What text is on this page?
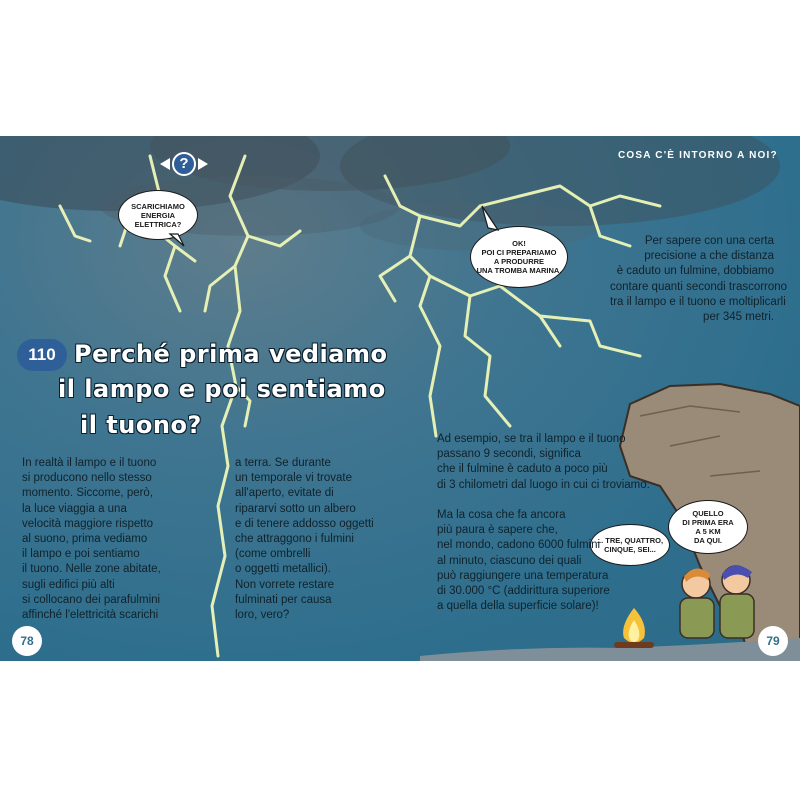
?	COSA C'È INTORNO A NOI?
SCARICHIAMO
ENERGIA
ELETTRICA?
OK!
POI CI PREPARIAMO
A PRODURRE
UNA TROMBA MARINA.
Per sapere con una certa
precisione a che distanza
è caduto un fulmine, dobbiamo
contare quanti secondi trascorrono
tra il lampo e il tuono e moltiplicarli
per 345 metri.
... TRE, QUATTRO,
CINQUE, SEI...
QUELLO
DI PRIMA ERA
A 5 KM
DA QUI.
110 Perché prima vediamo
il lampo e poi sentiamo
il tuono?
In realtà il lampo e il tuono
si producono nello stesso
momento. Siccome, però,
la luce viaggia a una
velocità maggiore rispetto
al suono, prima vediamo
il lampo e poi sentiamo
il tuono. Nelle zone abitate,
sugli edifici più alti
si collocano dei parafulmini
affinché l'elettricità scarichi
a terra. Se durante
un temporale vi trovate
all'aperto, evitate di
ripararvi sotto un albero
e di tenere addosso oggetti
che attraggono i fulmini
(come ombrelli
o oggetti metallici).
Non vorrete restare
fulminati per causa
loro, vero?
Ad esempio, se tra il lampo e il tuono
passano 9 secondi, significa
che il fulmine è caduto a poco più
di 3 chilometri dal luogo in cui ci troviamo.
Ma la cosa che fa ancora
più paura è sapere che,
nel mondo, cadono 6000 fulmini
al minuto, ciascuno dei quali
può raggiungere una temperatura
di 30.000 °C (addirittura superiore
a quella della superficie solare)!
78	79
